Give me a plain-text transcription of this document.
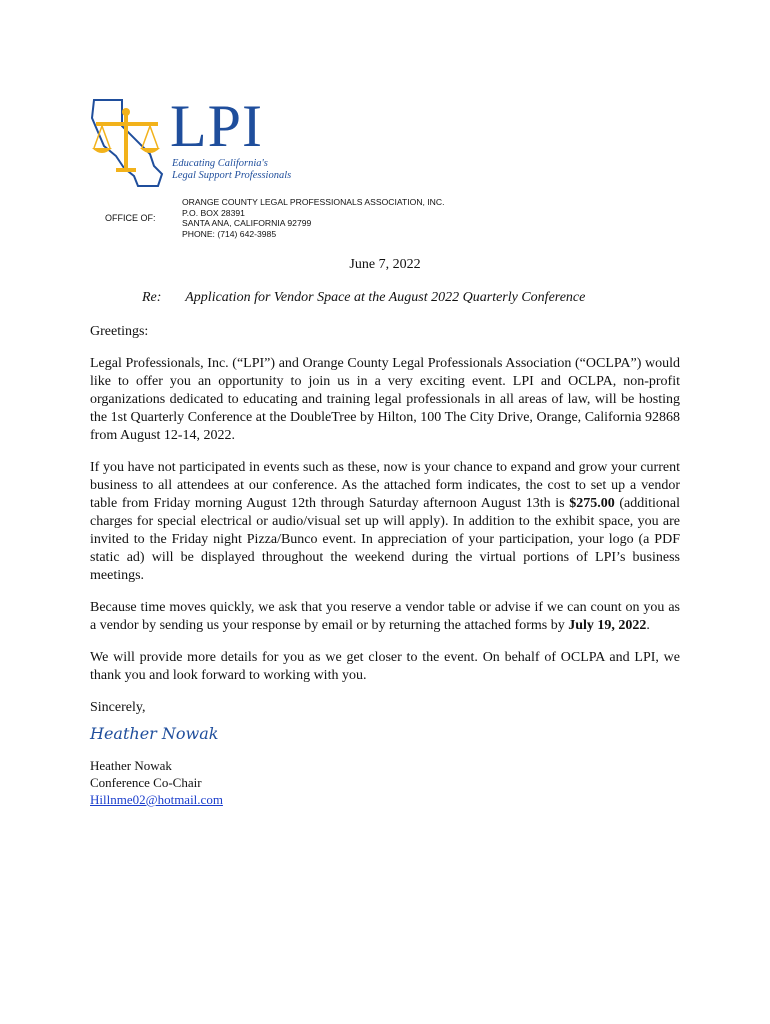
LPI
Educating California's
Legal Support Professionals
OFFICE OF:
ORANGE COUNTY LEGAL PROFESSIONALS ASSOCIATION, INC.
P.O. BOX 28391
SANTA ANA, CALIFORNIA 92799
PHONE: (714) 642-3985
June 7, 2022
Re: Application for Vendor Space at the August 2022 Quarterly Conference

Greetings:

Legal Professionals, Inc. (“LPI”) and Orange County Legal Professionals Association (“OCLPA”) would like to offer you an opportunity to join us in a very exciting event. LPI and OCLPA, non-profit organizations dedicated to educating and training legal professionals in all areas of law, will be hosting the 1st Quarterly Conference at the DoubleTree by Hilton, 100 The City Drive, Orange, California 92868 from August 12-14, 2022.

If you have not participated in events such as these, now is your chance to expand and grow your current business to all attendees at our conference. As the attached form indicates, the cost to set up a vendor table from Friday morning August 12th through Saturday afternoon August 13th is $275.00 (additional charges for special electrical or audio/visual set up will apply). In addition to the exhibit space, you are invited to the Friday night Pizza/Bunco event. In appreciation of your participation, your logo (a PDF static ad) will be displayed throughout the weekend during the virtual portions of LPI’s business meetings.

Because time moves quickly, we ask that you reserve a vendor table or advise if we can count on you as a vendor by sending us your response by email or by returning the attached forms by July 19, 2022.

We will provide more details for you as we get closer to the event. On behalf of OCLPA and LPI, we thank you and look forward to working with you.

Sincerely,

Heather Nowak
Heather Nowak
Conference Co-Chair
Hillnme02@hotmail.com
